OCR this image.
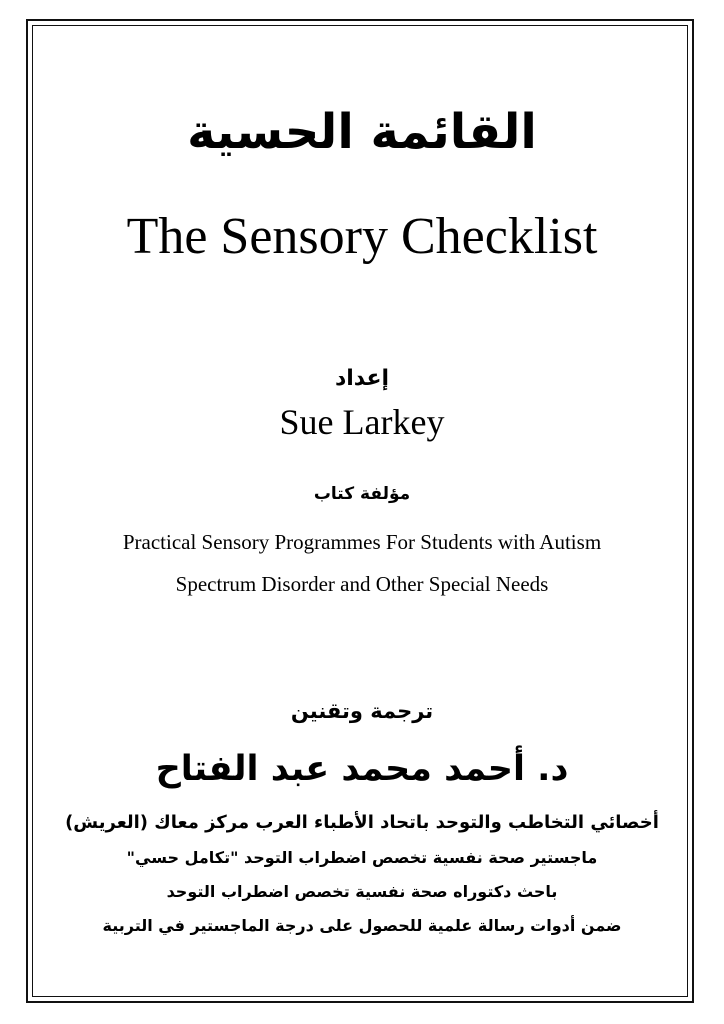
القائمة الحسية
The Sensory Checklist
إعداد
Sue Larkey
مؤلفة كتاب
Practical Sensory Programmes For Students with Autism
Spectrum Disorder and Other Special Needs
ترجمة وتقنين
د. أحمد محمد عبد الفتاح
أخصائي التخاطب والتوحد باتحاد الأطباء العرب مركز معاك (العريش)
ماجستير صحة نفسية تخصص اضطراب التوحد "تكامل حسي"
باحث دكتوراه صحة نفسية تخصص اضطراب التوحد
ضمن أدوات رسالة علمية للحصول على درجة الماجستير في التربية
